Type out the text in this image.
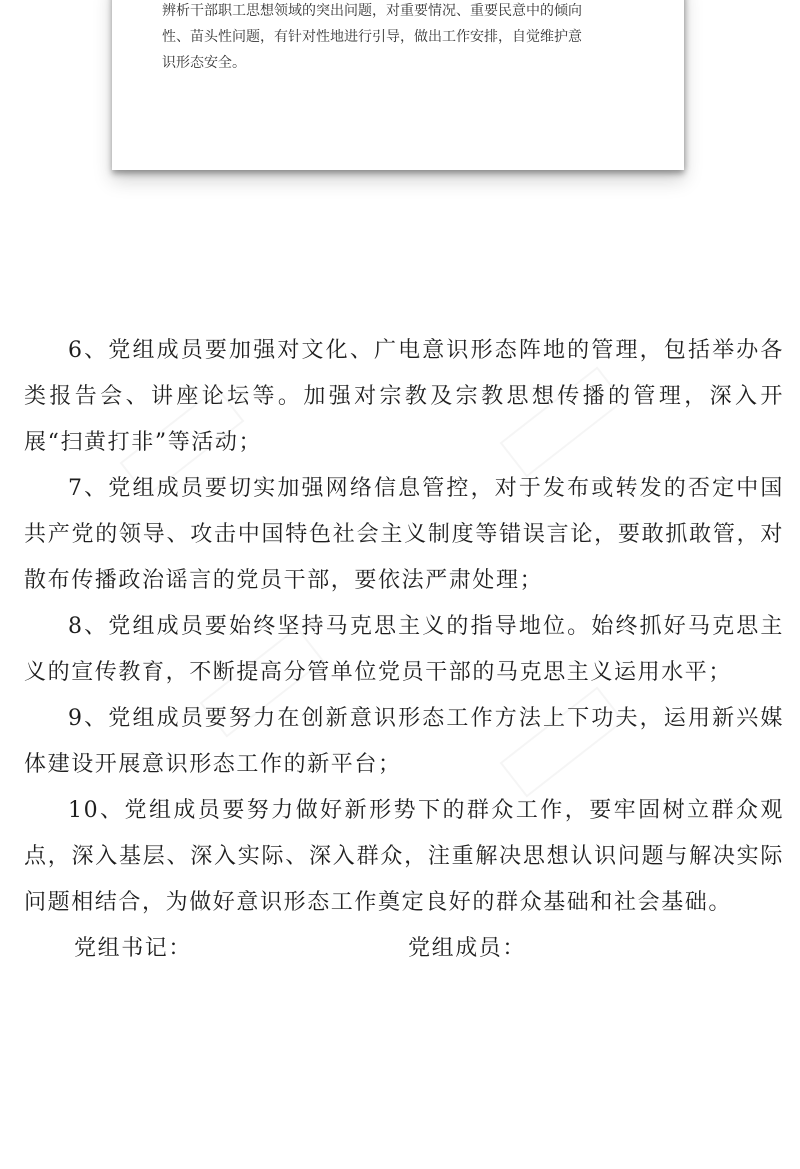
辨析干部职工思想领域的突出问题，对重要情况、重要民意中的倾向
性、苗头性问题，有针对性地进行引导，做出工作安排，自觉维护意
识形态安全。

6、党组成员要加强对文化、广电意识形态阵地的管理，包括举办各类报告会、讲座论坛等。加强对宗教及宗教思想传播的管理，深入开展“扫黄打非”等活动；

7、党组成员要切实加强网络信息管控，对于发布或转发的否定中国共产党的领导、攻击中国特色社会主义制度等错误言论，要敢抓敢管，对散布传播政治谣言的党员干部，要依法严肃处理；

8、党组成员要始终坚持马克思主义的指导地位。始终抓好马克思主义的宣传教育，不断提高分管单位党员干部的马克思主义运用水平；

9、党组成员要努力在创新意识形态工作方法上下功夫，运用新兴媒体建设开展意识形态工作的新平台；

10、党组成员要努力做好新形势下的群众工作，要牢固树立群众观点，深入基层、深入实际、深入群众，注重解决思想认识问题与解决实际问题相结合，为做好意识形态工作奠定良好的群众基础和社会基础。

党组书记：	党组成员：
